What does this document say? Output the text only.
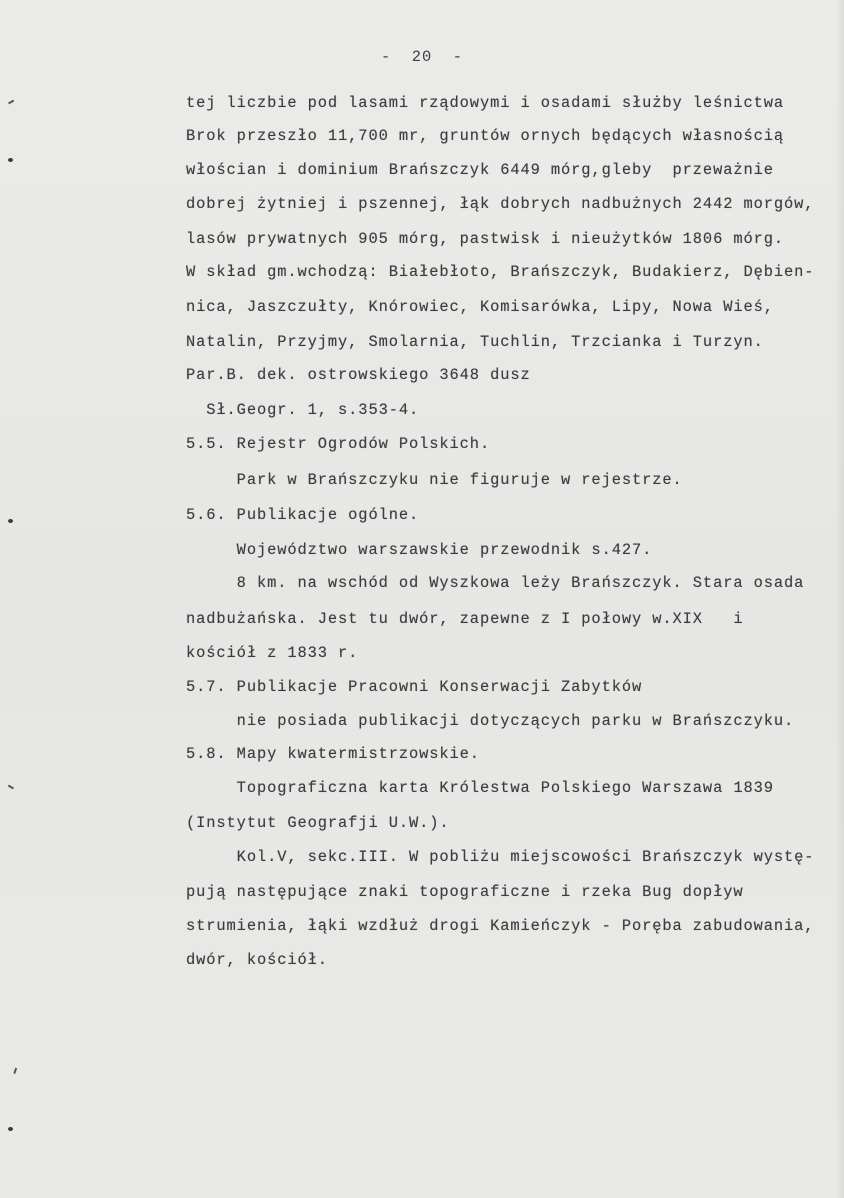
-  20  -
tej liczbie pod lasami rządowymi i osadami służby leśnictwa
Brok przeszło 11,700 mr, gruntów ornych będących własnością
włościan i dominium Brańszczyk 6449 mórg,gleby  przeważnie
dobrej żytniej i pszennej, łąk dobrych nadbużnych 2442 morgów,
lasów prywatnych 905 mórg, pastwisk i nieużytków 1806 mórg.
W skład gm.wchodzą: Białebłoto, Brańszczyk, Budakierz, Dębien-
nica, Jaszczułty, Knórowiec, Komisarówka, Lipy, Nowa Wieś,
Natalin, Przyjmy, Smolarnia, Tuchlin, Trzcianka i Turzyn.
Par.B. dek. ostrowskiego 3648 dusz
Sł.Geogr. 1, s.353-4.
5.5. Rejestr Ogrodów Polskich.
Park w Brańszczyku nie figuruje w rejestrze.
5.6. Publikacje ogólne.
Województwo warszawskie przewodnik s.427.
8 km. na wschód od Wyszkowa leży Brańszczyk. Stara osada
nadbużańska. Jest tu dwór, zapewne z I połowy w.XIX   i
kościół z 1833 r.
5.7. Publikacje Pracowni Konserwacji Zabytków
nie posiada publikacji dotyczących parku w Brańszczyku.
5.8. Mapy kwatermistrzowskie.
Topograficzna karta Królestwa Polskiego Warszawa 1839
(Instytut Geografji U.W.).
Kol.V, sekc.III. W pobliżu miejscowości Brańszczyk wystę-
pują następujące znaki topograficzne i rzeka Bug dopływ
strumienia, łąki wzdłuż drogi Kamieńczyk - Poręba zabudowania,
dwór, kościół.
